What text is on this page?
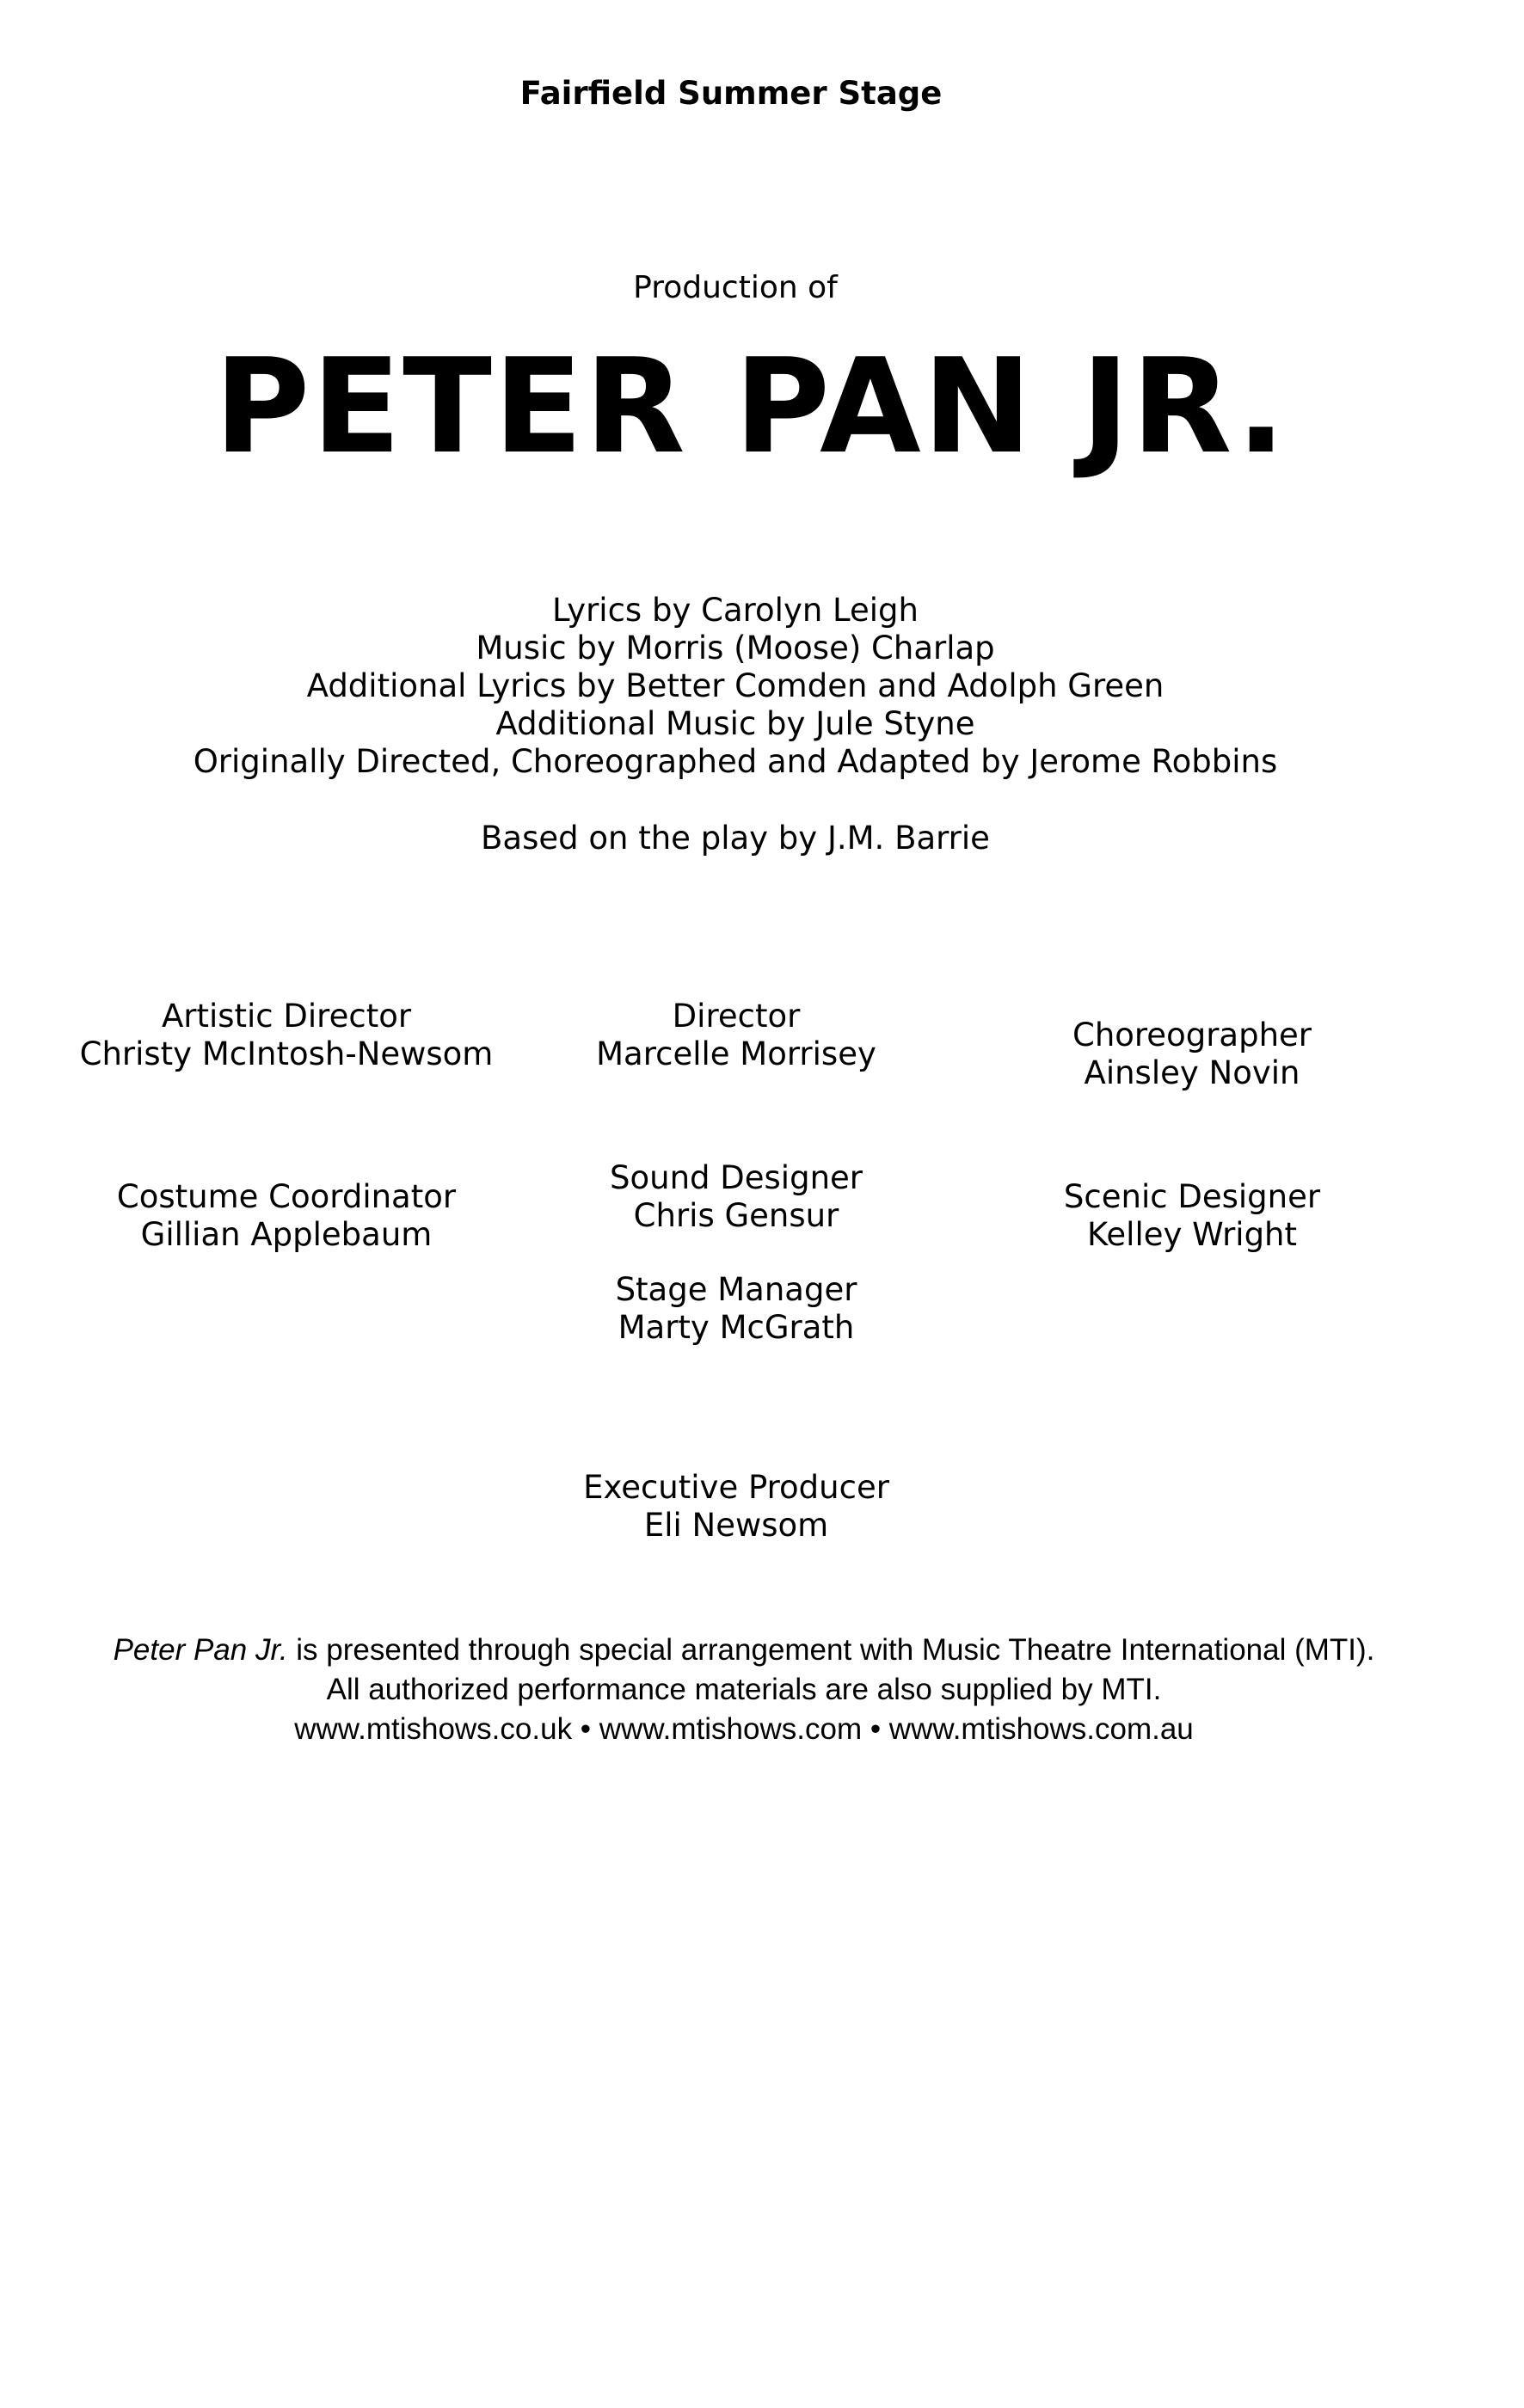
Fairfield Summer Stage
Production of
PETER PAN JR.
Lyrics by Carolyn Leigh
Music by Morris (Moose) Charlap
Additional Lyrics by Better Comden and Adolph Green
Additional Music by Jule Styne
Originally Directed, Choreographed and Adapted by Jerome Robbins
Based on the play by J.M. Barrie
Artistic Director
Christy McIntosh-Newsom
Director
Marcelle Morrisey
Choreographer
Ainsley Novin
Costume Coordinator
Gillian Applebaum
Sound Designer
Chris Gensur
Scenic Designer
Kelley Wright
Stage Manager
Marty McGrath
Executive Producer
Eli Newsom
Peter Pan Jr. is presented through special arrangement with Music Theatre International (MTI).
All authorized performance materials are also supplied by MTI.
www.mtishows.co.uk • www.mtishows.com • www.mtishows.com.au
